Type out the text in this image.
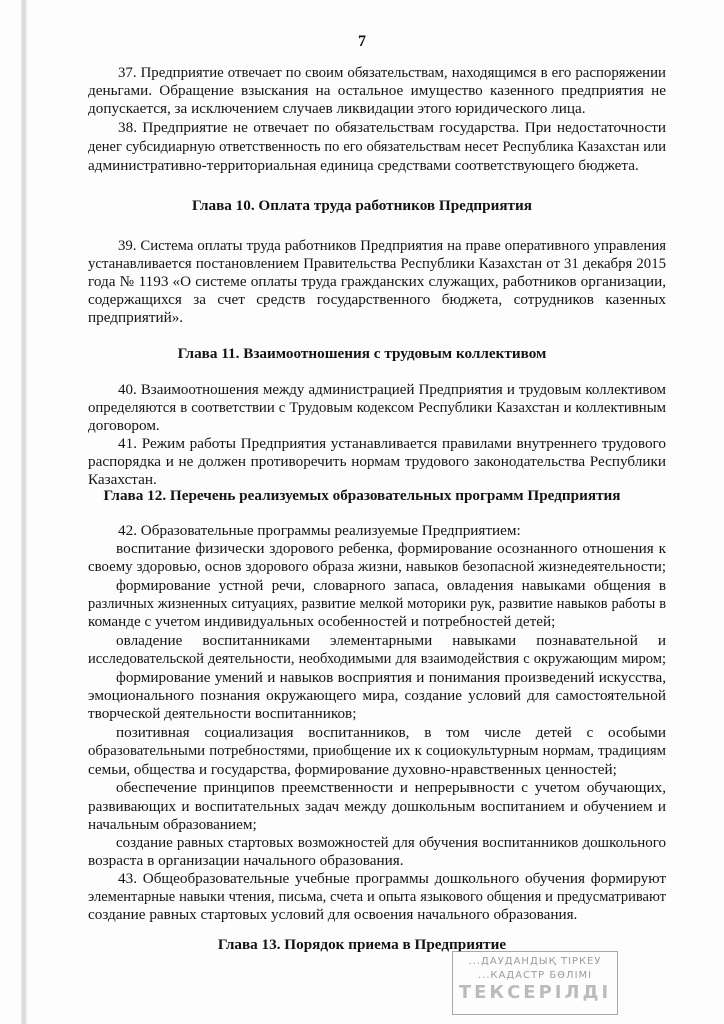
7
37. Предприятие отвечает по своим обязательствам, находящимся в его распоряжении
деньгами. Обращение взыскания на остальное имущество казенного предприятия не
допускается, за исключением случаев ликвидации этого юридического лица.
38. Предприятие не отвечает по обязательствам государства. При недостаточности
денег субсидиарную ответственность по его обязательствам несет Республика Казахстан или
административно-территориальная единица средствами соответствующего бюджета.
Глава 10. Оплата труда работников Предприятия
39. Система оплаты труда работников Предприятия на праве оперативного управления
устанавливается постановлением Правительства Республики Казахстан от 31 декабря 2015
года № 1193 «О системе оплаты труда гражданских служащих, работников организации,
содержащихся за счет средств государственного бюджета, сотрудников казенных
предприятий».
Глава 11. Взаимоотношения с трудовым коллективом
40. Взаимоотношения между администрацией Предприятия и трудовым коллективом
определяются в соответствии с Трудовым кодексом Республики Казахстан и коллективным
договором.
41. Режим работы Предприятия устанавливается правилами внутреннего трудового
распорядка и не должен противоречить нормам трудового законодательства Республики
Казахстан.
Глава 12. Перечень реализуемых образовательных программ Предприятия
42. Образовательные программы реализуемые Предприятием:
воспитание физически здорового ребенка, формирование осознанного отношения к
своему здоровью, основ здорового образа жизни, навыков безопасной жизнедеятельности;
формирование устной речи, словарного запаса, овладения навыками общения в
различных жизненных ситуациях, развитие мелкой моторики рук, развитие навыков работы в
команде с учетом индивидуальных особенностей и потребностей детей;
овладение воспитанниками элементарными навыками познавательной и
исследовательской деятельности, необходимыми для взаимодействия с окружающим миром;
формирование умений и навыков восприятия и понимания произведений искусства,
эмоционального познания окружающего мира, создание условий для самостоятельной
творческой деятельности воспитанников;
позитивная социализация воспитанников, в том числе детей с особыми
образовательными потребностями, приобщение их к социокультурным нормам, традициям
семьи, общества и государства, формирование духовно-нравственных ценностей;
обеспечение принципов преемственности и непрерывности с учетом обучающих,
развивающих и воспитательных задач между дошкольным воспитанием и обучением и
начальным образованием;
создание равных стартовых возможностей для обучения воспитанников дошкольного
возраста в организации начального образования.
43. Общеобразовательные учебные программы дошкольного обучения формируют
элементарные навыки чтения, письма, счета и опыта языкового общения и предусматривают
создание равных стартовых условий для освоения начального образования.
Глава 13. Порядок приема в Предприятие
...ДАУДАНДЫҚ ТІРКЕУ
...КАДАСТР БӨЛІМІ
ТЕКСЕРІЛДІ
